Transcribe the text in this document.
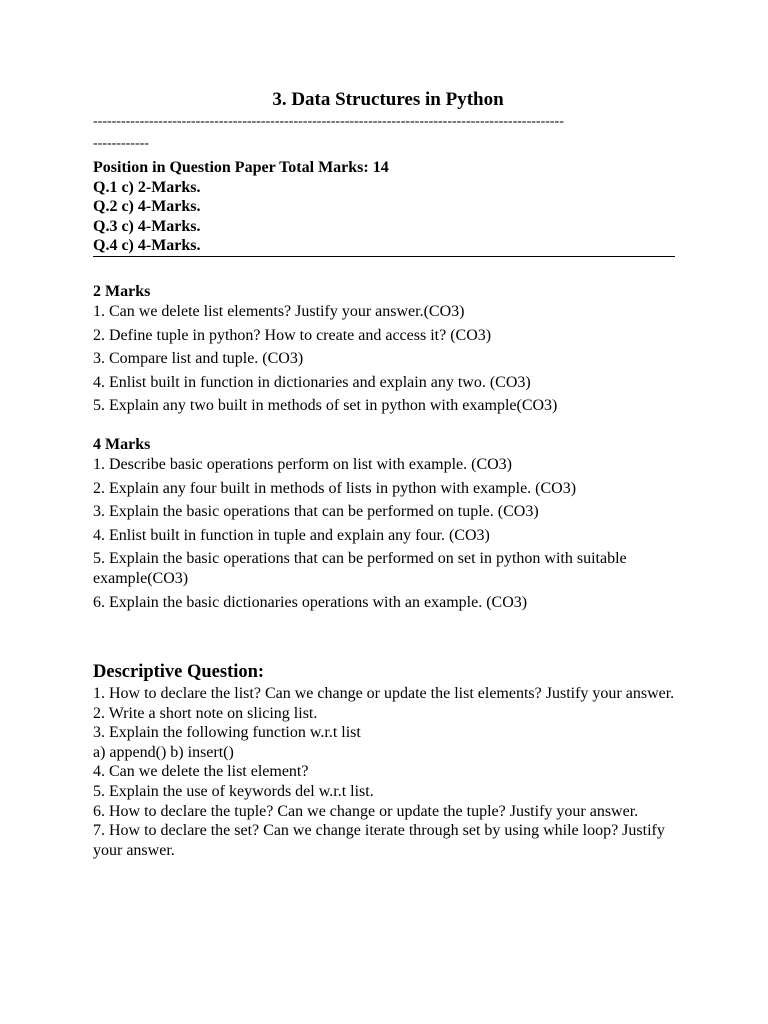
3. Data Structures in Python
-----------------------------------------------------------------------------------------------------
------------
Position in Question Paper Total Marks: 14
Q.1 c) 2-Marks.
Q.2 c) 4-Marks.
Q.3 c) 4-Marks.
Q.4 c) 4-Marks.
2 Marks
1. Can we delete list elements? Justify your answer.(CO3)
2. Define tuple in python? How to create and access it? (CO3)
3. Compare list and tuple. (CO3)
4. Enlist built in function in dictionaries and explain any two. (CO3)
5. Explain any two built in methods of set in python with example(CO3)
4 Marks
1. Describe basic operations perform on list with example. (CO3)
2. Explain any four built in methods of lists in python with example. (CO3)
3. Explain the basic operations that can be performed on tuple. (CO3)
4. Enlist built in function in tuple and explain any four. (CO3)
5. Explain the basic operations that can be performed on set in python with suitable example(CO3)
6. Explain the basic dictionaries operations with an example. (CO3)
Descriptive Question:
1. How to declare the list? Can we change or update the list elements? Justify your answer.
2. Write a short note on slicing list.
3. Explain the following function w.r.t list
a) append() b) insert()
4. Can we delete the list element?
5. Explain the use of keywords del w.r.t list.
6. How to declare the tuple? Can we change or update the tuple? Justify your answer.
7. How to declare the set? Can we change iterate through set by using while loop? Justify
your answer.
